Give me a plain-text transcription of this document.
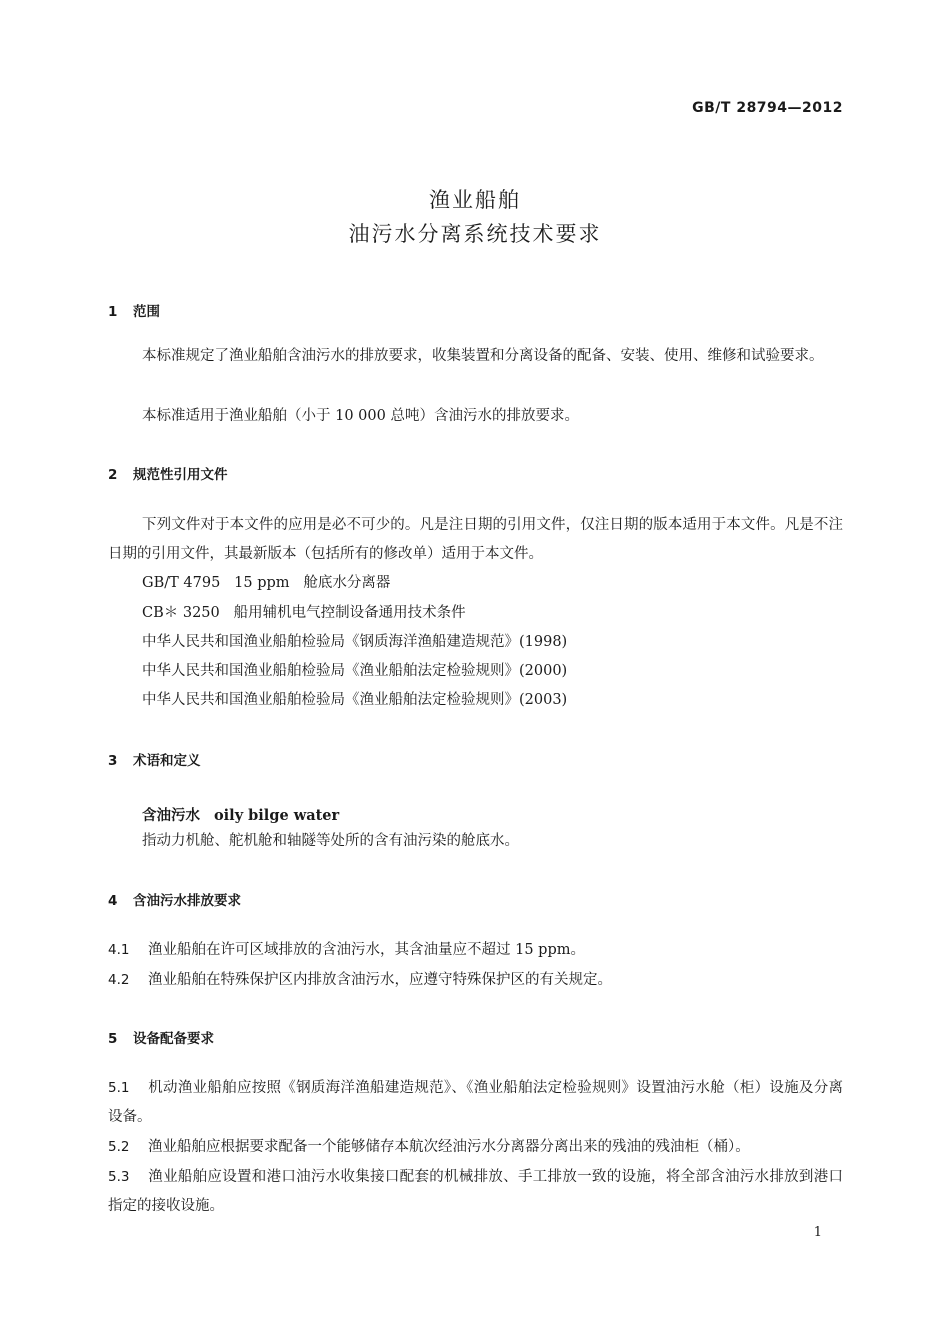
GB/T 28794—2012
渔业船舶
油污水分离系统技术要求
1 范围
本标准规定了渔业船舶含油污水的排放要求，收集装置和分离设备的配备、安装、使用、维修和试验要求。
本标准适用于渔业船舶（小于 10 000 总吨）含油污水的排放要求。
2 规范性引用文件
下列文件对于本文件的应用是必不可少的。凡是注日期的引用文件，仅注日期的版本适用于本文件。凡是不注日期的引用文件，其最新版本（包括所有的修改单）适用于本文件。
GB/T 4795   15 ppm   舱底水分离器
CB＊ 3250   船用辅机电气控制设备通用技术条件
中华人民共和国渔业船舶检验局《钢质海洋渔船建造规范》(1998)
中华人民共和国渔业船舶检验局《渔业船舶法定检验规则》(2000)
中华人民共和国渔业船舶检验局《渔业船舶法定检验规则》(2003)
3 术语和定义
含油污水 oily bilge water
指动力机舱、舵机舱和轴隧等处所的含有油污染的舱底水。
4 含油污水排放要求
4.1 渔业船舶在许可区域排放的含油污水，其含油量应不超过 15 ppm。
4.2 渔业船舶在特殊保护区内排放含油污水，应遵守特殊保护区的有关规定。
5 设备配备要求
5.1 机动渔业船舶应按照《钢质海洋渔船建造规范》、《渔业船舶法定检验规则》设置油污水舱（柜）设施及分离设备。
5.2 渔业船舶应根据要求配备一个能够储存本航次经油污水分离器分离出来的残油的残油柜（桶）。
5.3 渔业船舶应设置和港口油污水收集接口配套的机械排放、手工排放一致的设施，将全部含油污水排放到港口指定的接收设施。
1
